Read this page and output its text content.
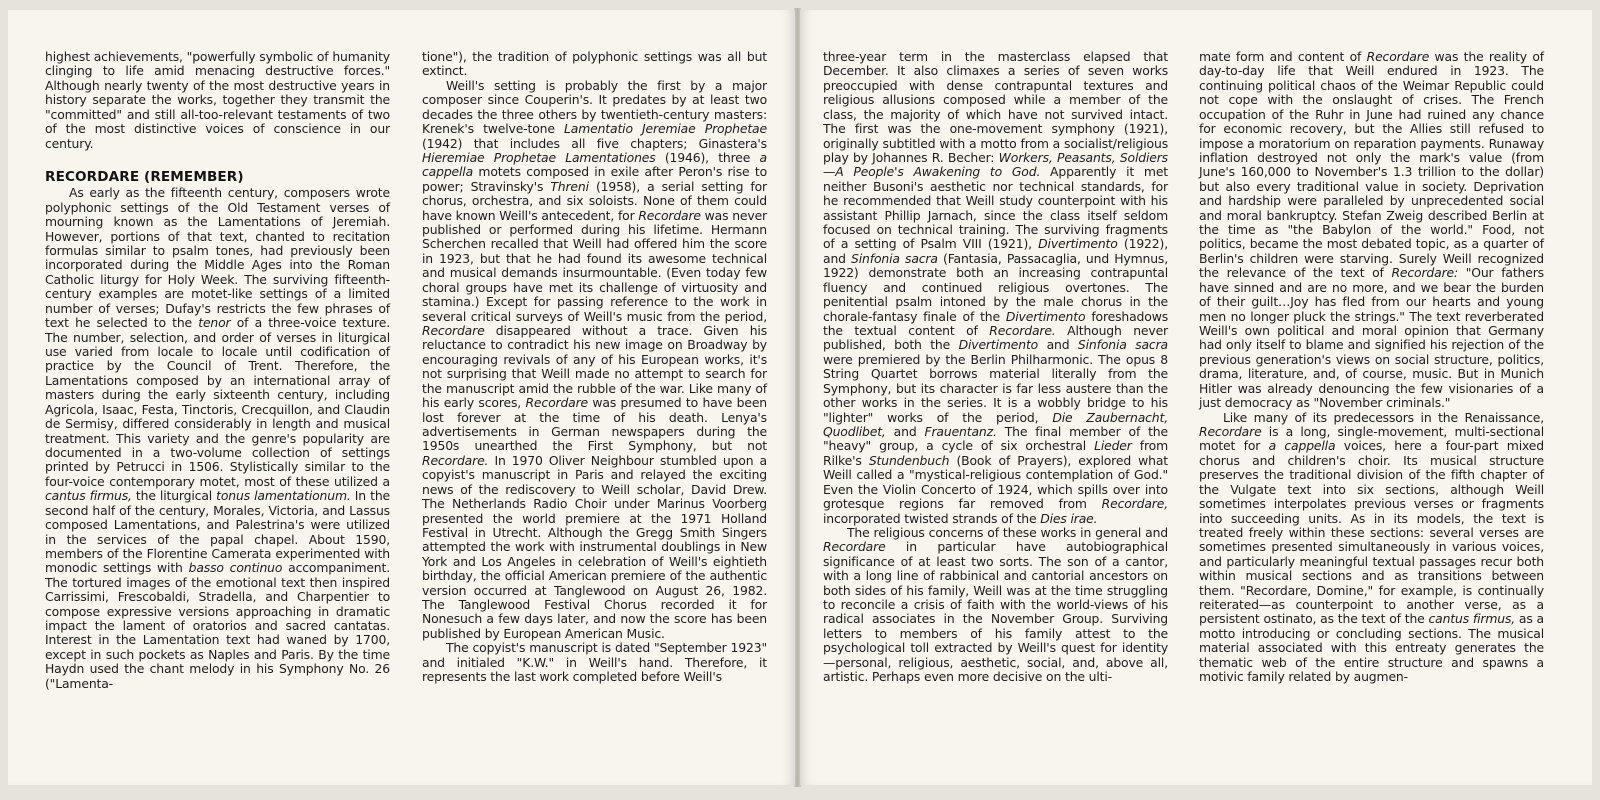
highest achievements, "powerfully symbolic of humanity clinging to life amid menacing destructive forces." Although nearly twenty of the most destructive years in history separate the works, together they transmit the "committed" and still all-too-relevant testaments of two of the most distinctive voices of conscience in our century.

RECORDARE (REMEMBER)

As early as the fifteenth century, composers wrote polyphonic settings of the Old Testament verses of mourning known as the Lamentations of Jeremiah. However, portions of that text, chanted to recitation formulas similar to psalm tones, had previously been incorporated during the Middle Ages into the Roman Catholic liturgy for Holy Week. The surviving fifteenth-century examples are motet-like settings of a limited number of verses; Dufay's restricts the few phrases of text he selected to the tenor of a three-voice texture. The number, selection, and order of verses in liturgical use varied from locale to locale until codification of practice by the Council of Trent. Therefore, the Lamentations composed by an international array of masters during the early sixteenth century, including Agricola, Isaac, Festa, Tinctoris, Crecquillon, and Claudin de Sermisy, differed considerably in length and musical treatment. This variety and the genre's popularity are documented in a two-volume collection of settings printed by Petrucci in 1506. Stylistically similar to the four-voice contemporary motet, most of these utilized a cantus firmus, the liturgical tonus lamentationum. In the second half of the century, Morales, Victoria, and Lassus composed Lamentations, and Palestrina's were utilized in the services of the papal chapel. About 1590, members of the Florentine Camerata experimented with monodic settings with basso continuo accompaniment. The tortured images of the emotional text then inspired Carrissimi, Frescobaldi, Stradella, and Charpentier to compose expressive versions approaching in dramatic impact the lament of oratorios and sacred cantatas. Interest in the Lamentation text had waned by 1700, except in such pockets as Naples and Paris. By the time Haydn used the chant melody in his Symphony No. 26 ("Lamenta-

tione"), the tradition of polyphonic settings was all but extinct.

Weill's setting is probably the first by a major composer since Couperin's. It predates by at least two decades the three others by twentieth-century masters: Krenek's twelve-tone Lamentatio Jeremiae Prophetae (1942) that includes all five chapters; Ginastera's Hieremiae Prophetae Lamentationes (1946), three a cappella motets composed in exile after Peron's rise to power; Stravinsky's Threni (1958), a serial setting for chorus, orchestra, and six soloists. None of them could have known Weill's antecedent, for Recordare was never published or performed during his lifetime. Hermann Scherchen recalled that Weill had offered him the score in 1923, but that he had found its awesome technical and musical demands insurmountable. (Even today few choral groups have met its challenge of virtuosity and stamina.) Except for passing reference to the work in several critical surveys of Weill's music from the period, Recordare disappeared without a trace. Given his reluctance to contradict his new image on Broadway by encouraging revivals of any of his European works, it's not surprising that Weill made no attempt to search for the manuscript amid the rubble of the war. Like many of his early scores, Recordare was presumed to have been lost forever at the time of his death. Lenya's advertisements in German newspapers during the 1950s unearthed the First Symphony, but not Recordare. In 1970 Oliver Neighbour stumbled upon a copyist's manuscript in Paris and relayed the exciting news of the rediscovery to Weill scholar, David Drew. The Netherlands Radio Choir under Marinus Voorberg presented the world premiere at the 1971 Holland Festival in Utrecht. Although the Gregg Smith Singers attempted the work with instrumental doublings in New York and Los Angeles in celebration of Weill's eightieth birthday, the official American premiere of the authentic version occurred at Tanglewood on August 26, 1982. The Tanglewood Festival Chorus recorded it for Nonesuch a few days later, and now the score has been published by European American Music.

The copyist's manuscript is dated "September 1923" and initialed "K.W." in Weill's hand. Therefore, it represents the last work completed before Weill's

three-year term in the masterclass elapsed that December. It also climaxes a series of seven works preoccupied with dense contrapuntal textures and religious allusions composed while a member of the class, the majority of which have not survived intact. The first was the one-movement symphony (1921), originally subtitled with a motto from a socialist/religious play by Johannes R. Becher: Workers, Peasants, Soldiers—A People's Awakening to God. Apparently it met neither Busoni's aesthetic nor technical standards, for he recommended that Weill study counterpoint with his assistant Phillip Jarnach, since the class itself seldom focused on technical training. The surviving fragments of a setting of Psalm VIII (1921), Divertimento (1922), and Sinfonia sacra (Fantasia, Passacaglia, und Hymnus, 1922) demonstrate both an increasing contrapuntal fluency and continued religious overtones. The penitential psalm intoned by the male chorus in the chorale-fantasy finale of the Divertimento foreshadows the textual content of Recordare. Although never published, both the Divertimento and Sinfonia sacra were premiered by the Berlin Philharmonic. The opus 8 String Quartet borrows material literally from the Symphony, but its character is far less austere than the other works in the series. It is a wobbly bridge to his "lighter" works of the period, Die Zaubernacht, Quodlibet, and Frauentanz. The final member of the "heavy" group, a cycle of six orchestral Lieder from Rilke's Stundenbuch (Book of Prayers), explored what Weill called a "mystical-religious contemplation of God." Even the Violin Concerto of 1924, which spills over into grotesque regions far removed from Recordare, incorporated twisted strands of the Dies irae.

The religious concerns of these works in general and Recordare in particular have autobiographical significance of at least two sorts. The son of a cantor, with a long line of rabbinical and cantorial ancestors on both sides of his family, Weill was at the time struggling to reconcile a crisis of faith with the world-views of his radical associates in the November Group. Surviving letters to members of his family attest to the psychological toll extracted by Weill's quest for identity—personal, religious, aesthetic, social, and, above all, artistic. Perhaps even more decisive on the ulti-

mate form and content of Recordare was the reality of day-to-day life that Weill endured in 1923. The continuing political chaos of the Weimar Republic could not cope with the onslaught of crises. The French occupation of the Ruhr in June had ruined any chance for economic recovery, but the Allies still refused to impose a moratorium on reparation payments. Runaway inflation destroyed not only the mark's value (from June's 160,000 to November's 1.3 trillion to the dollar) but also every traditional value in society. Deprivation and hardship were paralleled by unprecedented social and moral bankruptcy. Stefan Zweig described Berlin at the time as "the Babylon of the world." Food, not politics, became the most debated topic, as a quarter of Berlin's children were starving. Surely Weill recognized the relevance of the text of Recordare: "Our fathers have sinned and are no more, and we bear the burden of their guilt…Joy has fled from our hearts and young men no longer pluck the strings." The text reverberated Weill's own political and moral opinion that Germany had only itself to blame and signified his rejection of the previous generation's views on social structure, politics, drama, literature, and, of course, music. But in Munich Hitler was already denouncing the few visionaries of a just democracy as "November criminals."

Like many of its predecessors in the Renaissance, Recordare is a long, single-movement, multi-sectional motet for a cappella voices, here a four-part mixed chorus and children's choir. Its musical structure preserves the traditional division of the fifth chapter of the Vulgate text into six sections, although Weill sometimes interpolates previous verses or fragments into succeeding units. As in its models, the text is treated freely within these sections: several verses are sometimes presented simultaneously in various voices, and particularly meaningful textual passages recur both within musical sections and as transitions between them. "Recordare, Domine," for example, is continually reiterated—as counterpoint to another verse, as a persistent ostinato, as the text of the cantus firmus, as a motto introducing or concluding sections. The musical material associated with this entreaty generates the thematic web of the entire structure and spawns a motivic family related by augmen-
